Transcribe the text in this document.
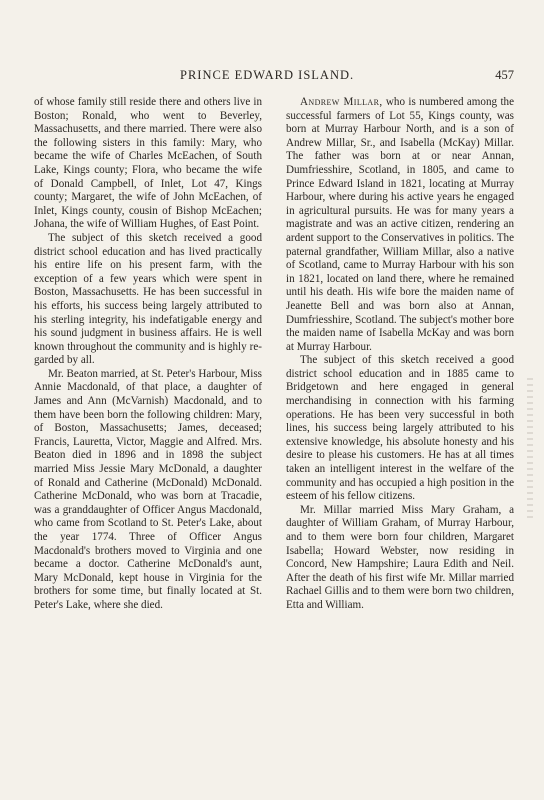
PRINCE EDWARD ISLAND.	457

of whose family still reside there and others live in Boston; Ronald, who went to Beverley, Massachusetts, and there married. There were also the following sisters in this family: Mary, who became the wife of Charles McEachen, of South Lake, Kings county; Flora, who became the wife of Donald Campbell, of Inlet, Lot 47, Kings county; Margaret, the wife of John McEachen, of Inlet, Kings county, cousin of Bishop McEachen; Johana, the wife of William Hughes, of East Point.

The subject of this sketch received a good district school education and has lived practically his entire life on his present farm, with the exception of a few years which were spent in Boston, Massachusetts. He has been successful in his efforts, his success being largely attributed to his sterling integrity, his indefatigable energy and his sound judgment in business affairs. He is well known throughout the community and is highly regarded by all.

Mr. Beaton married, at St. Peter's Harbour, Miss Annie Macdonald, of that place, a daughter of James and Ann (McVarnish) Macdonald, and to them have been born the following children: Mary, of Boston, Massachusetts; James, deceased; Francis, Lauretta, Victor, Maggie and Alfred. Mrs. Beaton died in 1896 and in 1898 the subject married Miss Jessie Mary McDonald, a daughter of Ronald and Catherine (McDonald) McDonald. Catherine McDonald, who was born at Tracadie, was a granddaughter of Officer Angus Macdonald, who came from Scotland to St. Peter's Lake, about the year 1774. Three of Officer Angus Macdonald's brothers moved to Virginia and one became a doctor. Catherine McDonald's aunt, Mary McDonald, kept house in Virginia for the brothers for some time, but finally located at St. Peter's Lake, where she died.

Andrew Millar, who is numbered among the successful farmers of Lot 55, Kings county, was born at Murray Harbour North, and is a son of Andrew Millar, Sr., and Isabella (McKay) Millar. The father was born at or near Annan, Dumfriesshire, Scotland, in 1805, and came to Prince Edward Island in 1821, locating at Murray Harbour, where during his active years he engaged in agricultural pursuits. He was for many years a magistrate and was an active citizen, rendering an ardent support to the Conservatives in politics. The paternal grandfather, William Millar, also a native of Scotland, came to Murray Harbour with his son in 1821, located on land there, where he remained until his death. His wife bore the maiden name of Jeanette Bell and was born also at Annan, Dumfriesshire, Scotland. The subject's mother bore the maiden name of Isabella McKay and was born at Murray Harbour.

The subject of this sketch received a good district school education and in 1885 came to Bridgetown and here engaged in general merchandising in connection with his farming operations. He has been very successful in both lines, his success being largely attributed to his extensive knowledge, his absolute honesty and his desire to please his customers. He has at all times taken an intelligent interest in the welfare of the community and has occupied a high position in the esteem of his fellow citizens.

Mr. Millar married Miss Mary Graham, a daughter of William Graham, of Murray Harbour, and to them were born four children, Margaret Isabella; Howard Webster, now residing in Concord, New Hampshire; Laura Edith and Neil. After the death of his first wife Mr. Millar married Rachael Gillis and to them were born two children, Etta and William.
